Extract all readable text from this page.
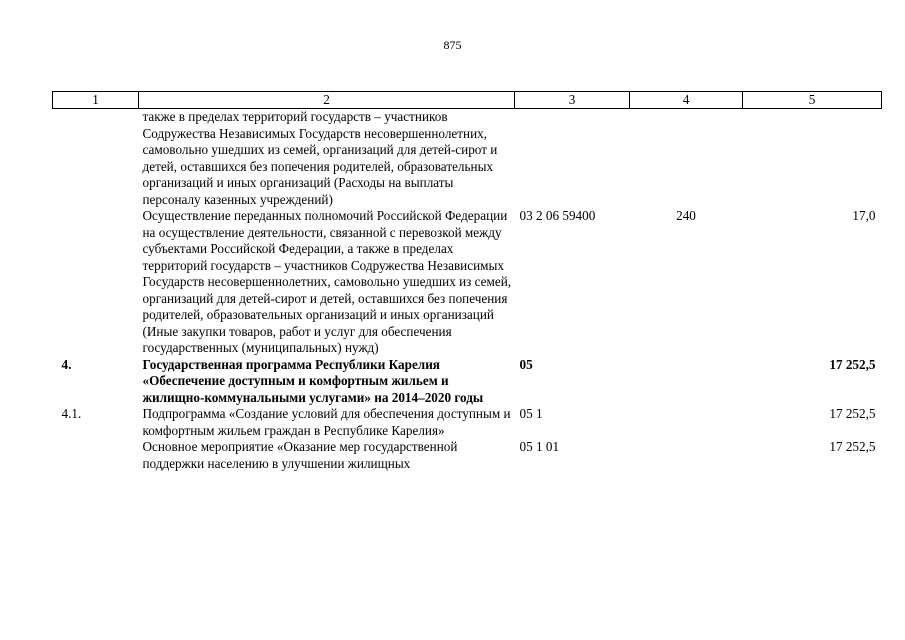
875
1	2	3	4	5
	также в пределах территорий государств – участников Содружества Независимых Государств несовершеннолетних, самовольно ушедших из семей, организаций для детей-сирот и детей, оставшихся без попечения родителей, образовательных организаций и иных организаций (Расходы на выплаты персоналу казенных учреждений)			
	Осуществление переданных полномочий Российской Федерации на осуществление деятельности, связанной с перевозкой между субъектами Российской Федерации, а также в пределах территорий государств – участников Содружества Независимых Государств несовершеннолетних, самовольно ушедших из семей, организаций для детей-сирот и детей, оставшихся без попечения родителей, образовательных организаций и иных организаций (Иные закупки товаров, работ и услуг для обеспечения государственных (муниципальных) нужд)	03 2 06 59400	240	17,0
4.	Государственная программа Республики Карелия «Обеспечение доступным и комфортным жильем и жилищно-коммунальными услугами» на 2014–2020 годы	05		17 252,5
4.1.	Подпрограмма «Создание условий для обеспечения доступным и комфортным жильем граждан в Республике Карелия»	05 1		17 252,5
	Основное мероприятие «Оказание мер государственной поддержки населению в улучшении жилищных	05 1 01		17 252,5
